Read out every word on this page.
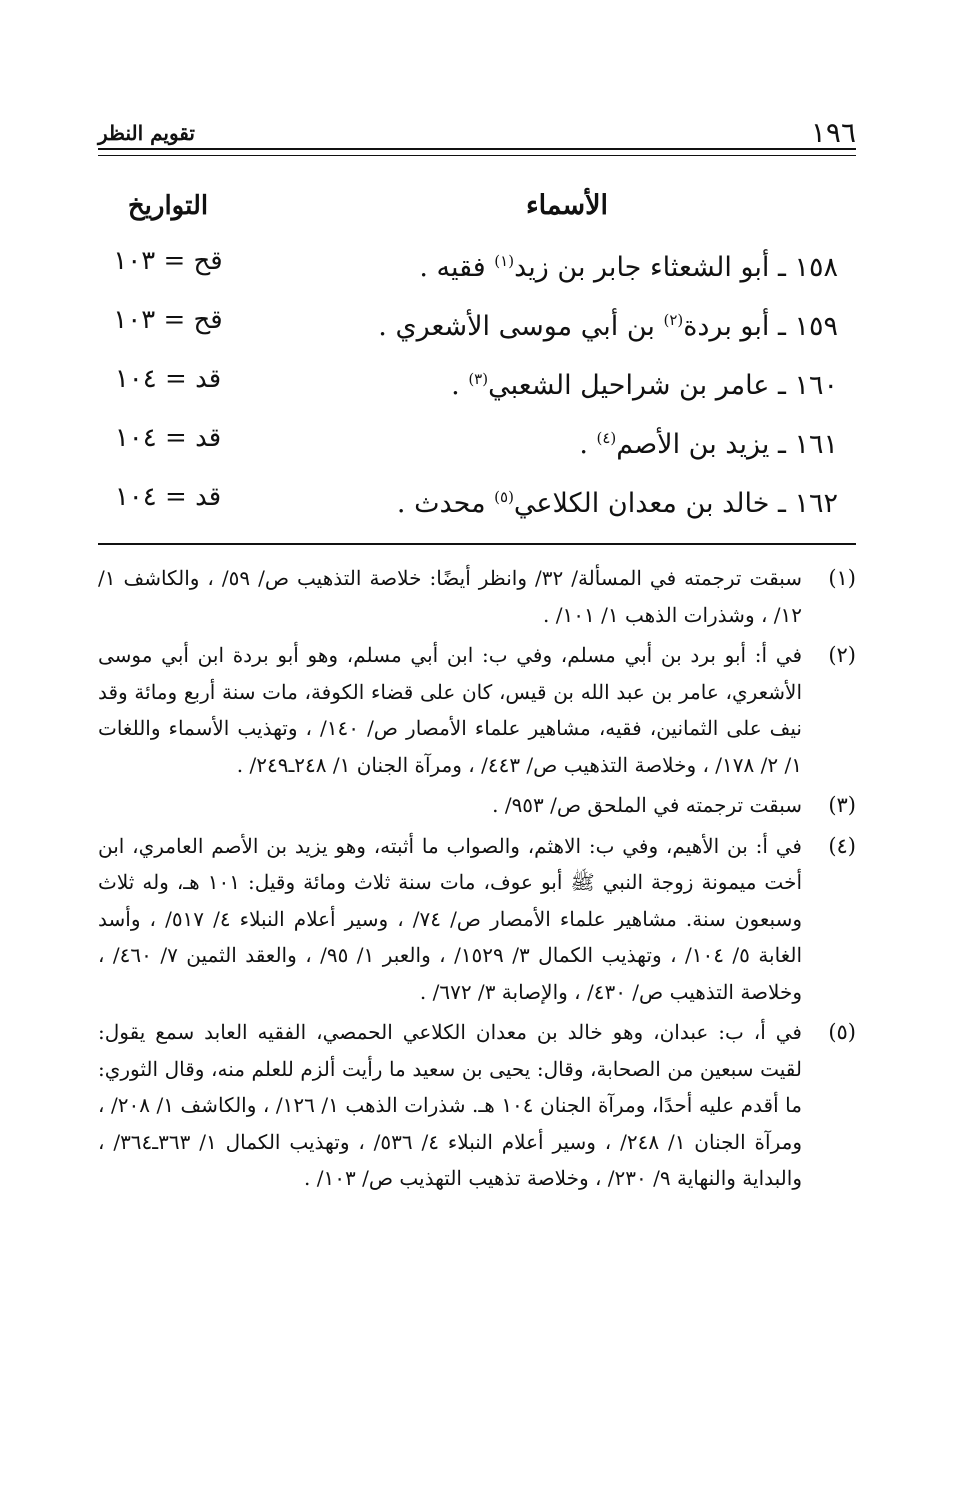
١٩٦
تقويم النظر
الأسماء
التواريخ
١٥٨ ـ أبو الشعثاء جابر بن زيد$^{(١)}$ فقيه .
قح = ١٠٣
١٥٩ ـ أبو بردة$^{(٢)}$ بن أبي موسى الأشعري .
قح = ١٠٣
١٦٠ ـ عامر بن شراحيل الشعبي$^{(٣)}$ .
قد = ١٠٤
١٦١ ـ يزيد بن الأصم$^{(٤)}$ .
قد = ١٠٤
١٦٢ ـ خالد بن معدان الكلاعي$^{(٥)}$ محدث .
قد = ١٠٤
(١)

سبقت ترجمته في المسألة/ ٣٢/ وانظر أيضًا: خلاصة التذهيب ص/ ٥٩/ ، والكاشف ١/ ١٢/ ، وشذرات الذهب ١/ ١٠١/ .

(٢)

في أ: أبو برد بن أبي مسلم، وفي ب: ابن أبي مسلم، وهو أبو بردة ابن أبي موسى الأشعري، عامر بن عبد الله بن قيس، كان على قضاء الكوفة، مات سنة أربع ومائة وقد نيف على الثمانين، فقيه، مشاهير علماء الأمصار ص/ ١٤٠/ ، وتهذيب الأسماء واللغات ١/ ٢/ ١٧٨/ ، وخلاصة التذهيب ص/ ٤٤٣/ ، ومرآة الجنان ١/ ٢٤٨ـ٢٤٩/ .

(٣)

سبقت ترجمته في الملحق ص/ ٩٥٣/ .

(٤)

في أ: بن الأهيم، وفي ب: الاهثم، والصواب ما أثبته، وهو يزيد بن الأصم العامري، ابن أخت ميمونة زوجة النبي ﷺ أبو عوف، مات سنة ثلاث ومائة وقيل: ١٠١ هـ، وله ثلاث وسبعون سنة. مشاهير علماء الأمصار ص/ ٧٤/ ، وسير أعلام النبلاء ٤/ ٥١٧/ ، وأسد الغابة ٥/ ١٠٤/ ، وتهذيب الكمال ٣/ ١٥٢٩/ ، والعبر ١/ ٩٥/ ، والعقد الثمين ٧/ ٤٦٠/ ، وخلاصة التذهيب ص/ ٤٣٠/ ، والإصابة ٣/ ٦٧٢/ .

(٥)

في أ، ب: عبدان، وهو خالد بن معدان الكلاعي الحمصي، الفقيه العابد سمع يقول: لقيت سبعين من الصحابة، وقال: يحيى بن سعيد ما رأيت ألزم للعلم منه، وقال الثوري: ما أقدم عليه أحدًا، ومرآة الجنان ١٠٤ هـ. شذرات الذهب ١/ ١٢٦/ ، والكاشف ١/ ٢٠٨/ ، ومرآة الجنان ١/ ٢٤٨/ ، وسير أعلام النبلاء ٤/ ٥٣٦/ ، وتهذيب الكمال ١/ ٣٦٣ـ٣٦٤/ ، والبداية والنهاية ٩/ ٢٣٠/ ، وخلاصة تذهيب التهذيب ص/ ١٠٣/ .
